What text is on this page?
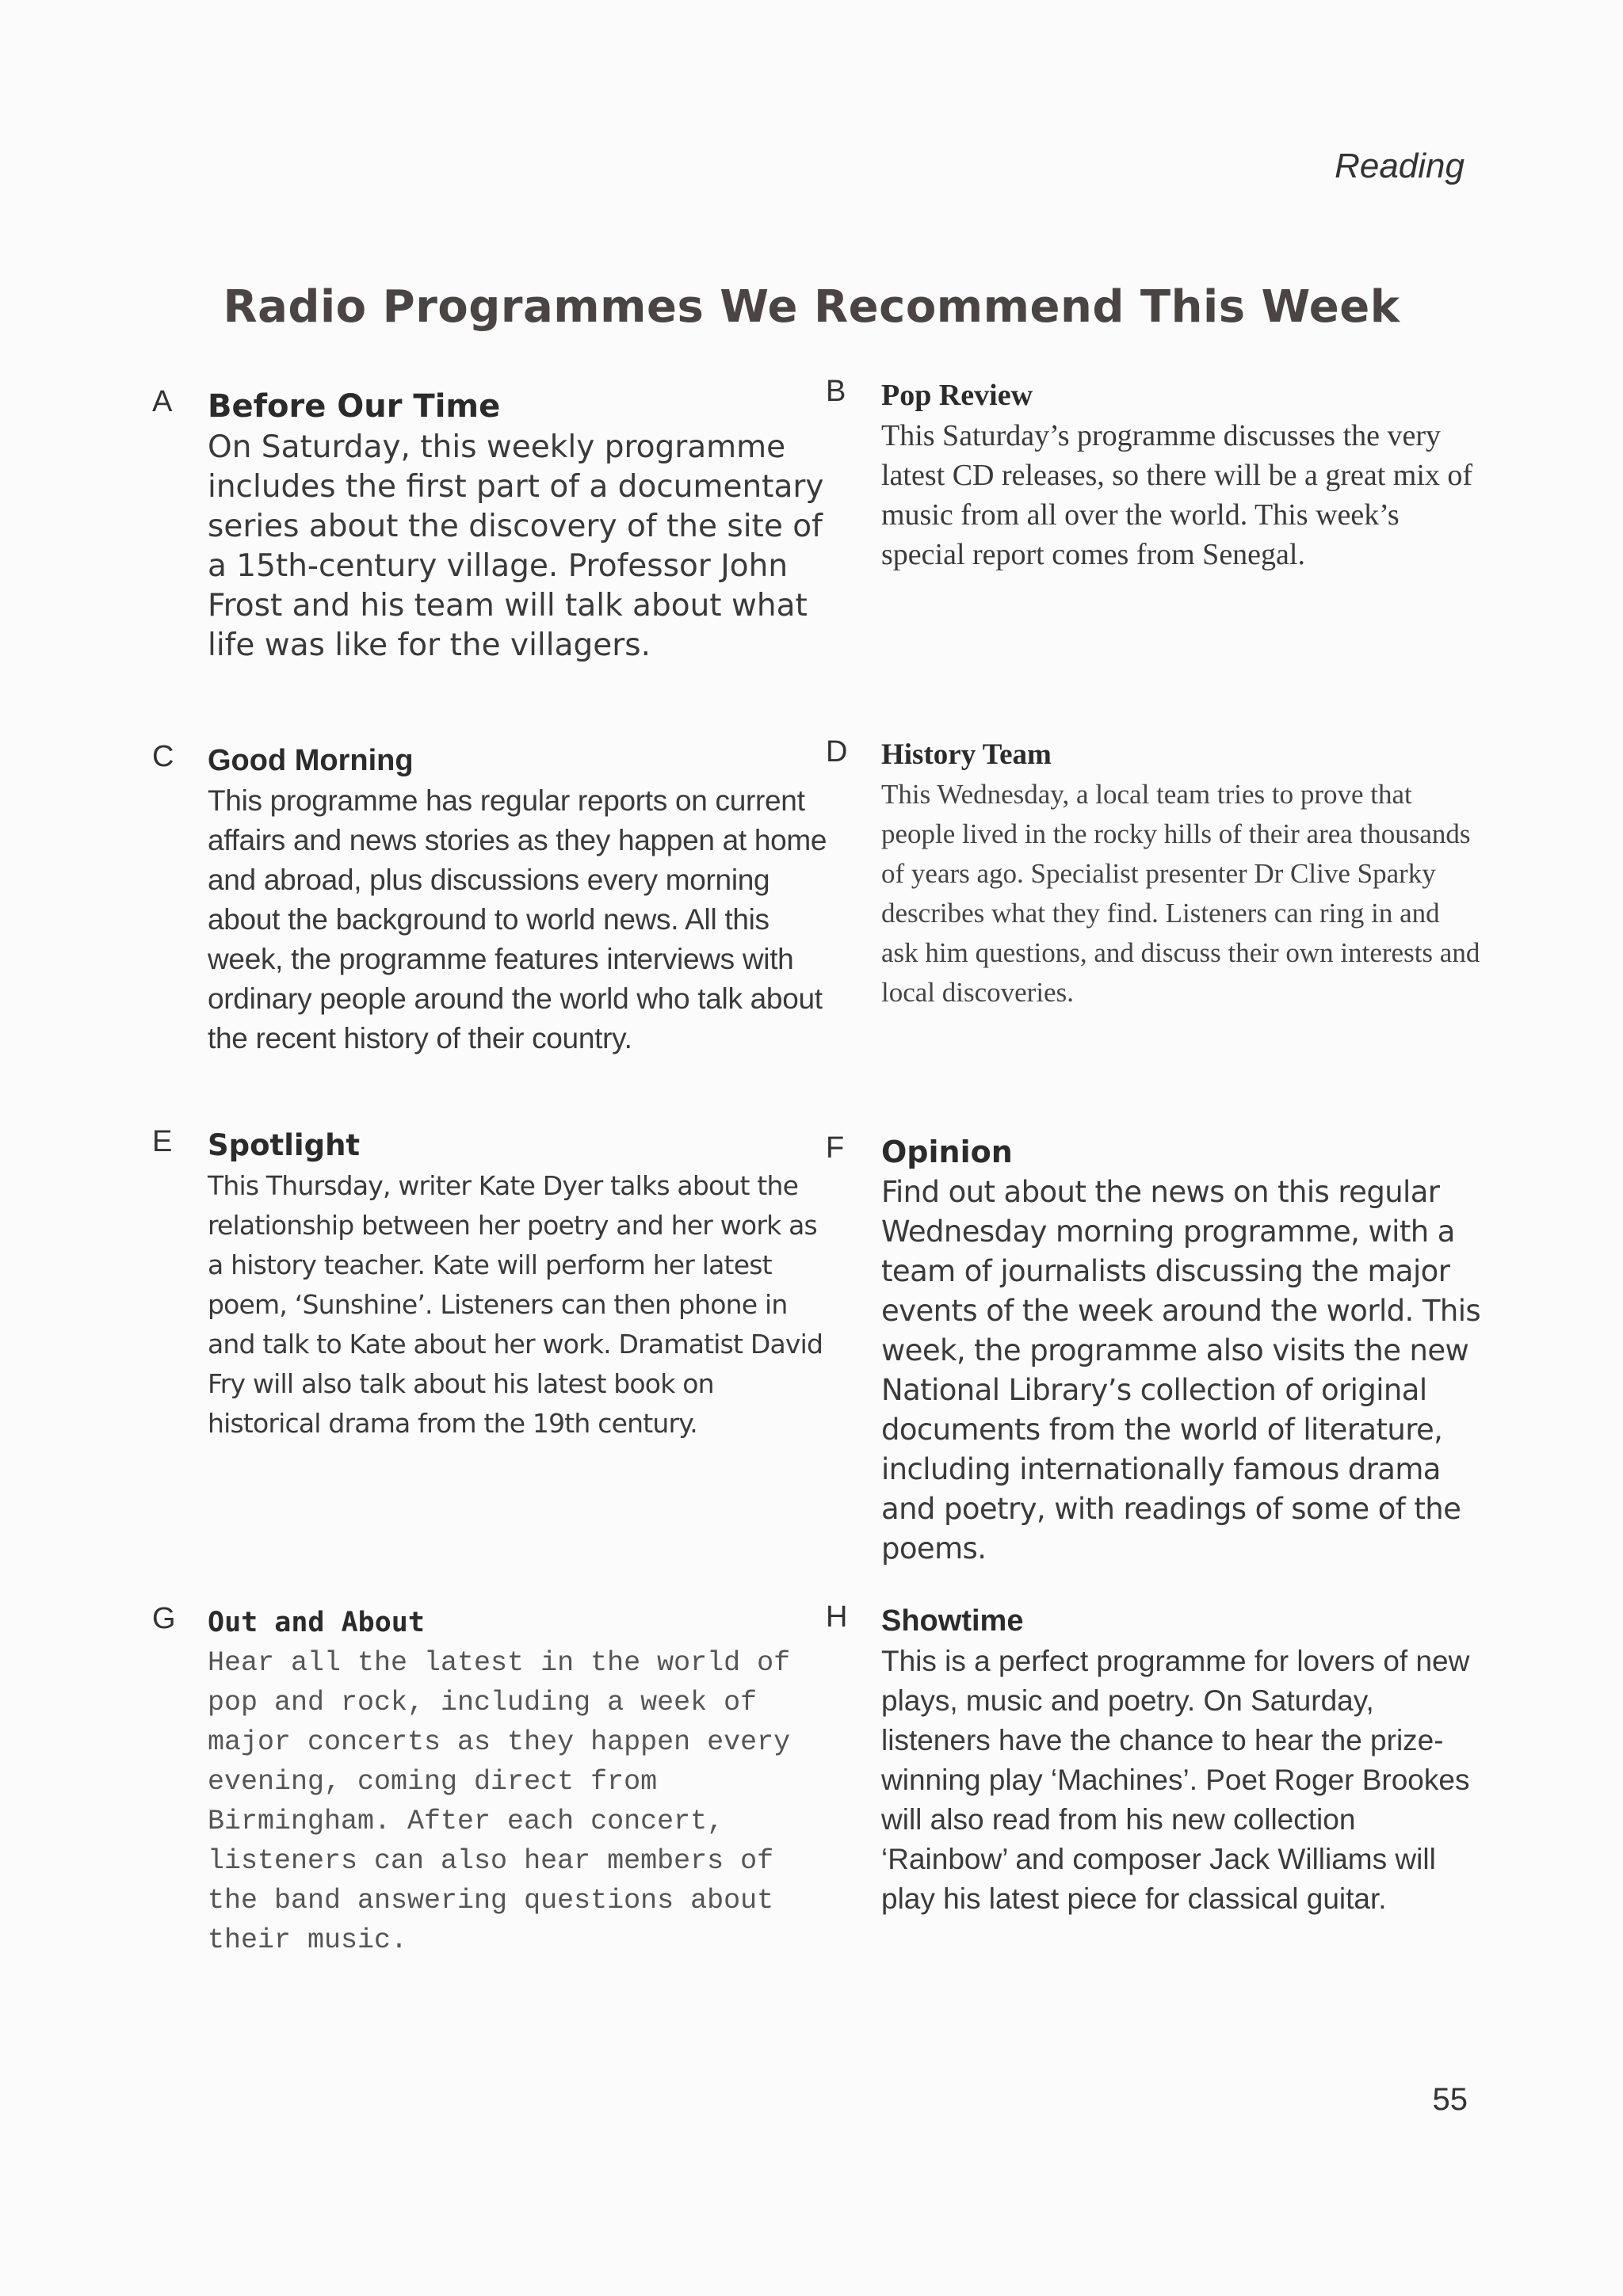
Reading
Radio Programmes We Recommend This Week
A Before Our Time

On Saturday, this weekly programme includes the first part of a documentary series about the discovery of the site of a 15th-century village. Professor John Frost and his team will talk about what life was like for the villagers.

B Pop Review

This Saturday’s programme discusses the very latest CD releases, so there will be a great mix of music from all over the world. This week’s special report comes from Senegal.

C Good Morning

This programme has regular reports on current affairs and news stories as they happen at home and abroad, plus discussions every morning about the background to world news. All this week, the programme features interviews with ordinary people around the world who talk about the recent history of their country.

D History Team

This Wednesday, a local team tries to prove that people lived in the rocky hills of their area thousands of years ago. Specialist presenter Dr Clive Sparky describes what they find. Listeners can ring in and ask him questions, and discuss their own interests and local discoveries.

E Spotlight

This Thursday, writer Kate Dyer talks about the relationship between her poetry and her work as a history teacher. Kate will perform her latest poem, ‘Sunshine’. Listeners can then phone in and talk to Kate about her work. Dramatist David Fry will also talk about his latest book on historical drama from the 19th century.

F Opinion

Find out about the news on this regular Wednesday morning programme, with a team of journalists discussing the major events of the week around the world. This week, the programme also visits the new National Library’s collection of original documents from the world of literature, including internationally famous drama and poetry, with readings of some of the poems.

G Out and About

Hear all the latest in the world of pop and rock, including a week of major concerts as they happen every evening, coming direct from Birmingham. After each concert, listeners can also hear members of the band answering questions about their music.

H Showtime

This is a perfect programme for lovers of new plays, music and poetry. On Saturday, listeners have the chance to hear the prize-winning play ‘Machines’. Poet Roger Brookes will also read from his new collection ‘Rainbow’ and composer Jack Williams will play his latest piece for classical guitar.

55
